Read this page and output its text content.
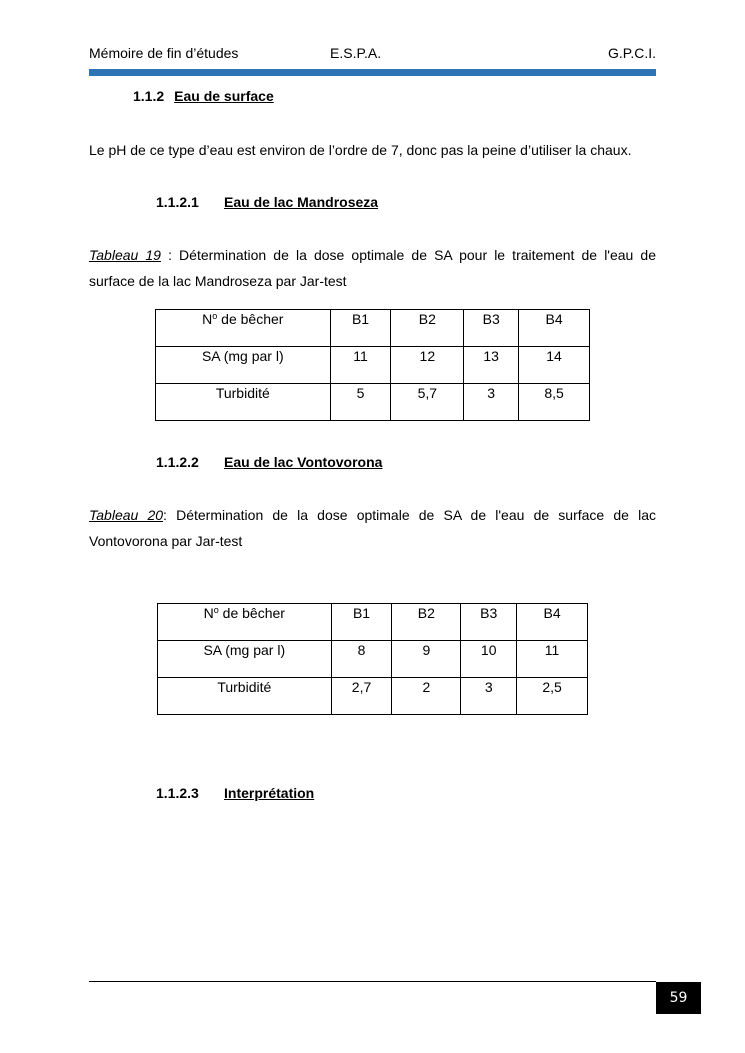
Mémoire de fin d’études	E.S.P.A.	G.P.C.I.
1.1.2 Eau de surface
Le pH de ce type d’eau est environ de l’ordre de 7, donc pas la peine d’utiliser la chaux.
1.1.2.1 Eau de lac Mandroseza
Tableau 19 : Détermination de la dose optimale de SA pour le traitement de l'eau de surface de la lac Mandroseza par Jar-test
$N^o$ de bêcher	B1	B2	B3	B4
SA (mg par l)	11	12	13	14
Turbidité	5	5,7	3	8,5
1.1.2.2 Eau de lac Vontovorona
Tableau 20: Détermination de la dose optimale de SA de l'eau de surface de lac Vontovorona par Jar-test
$N^o$ de bêcher	B1	B2	B3	B4
SA (mg par l)	8	9	10	11
Turbidité	2,7	2	3	2,5
1.1.2.3 Interprétation
59
